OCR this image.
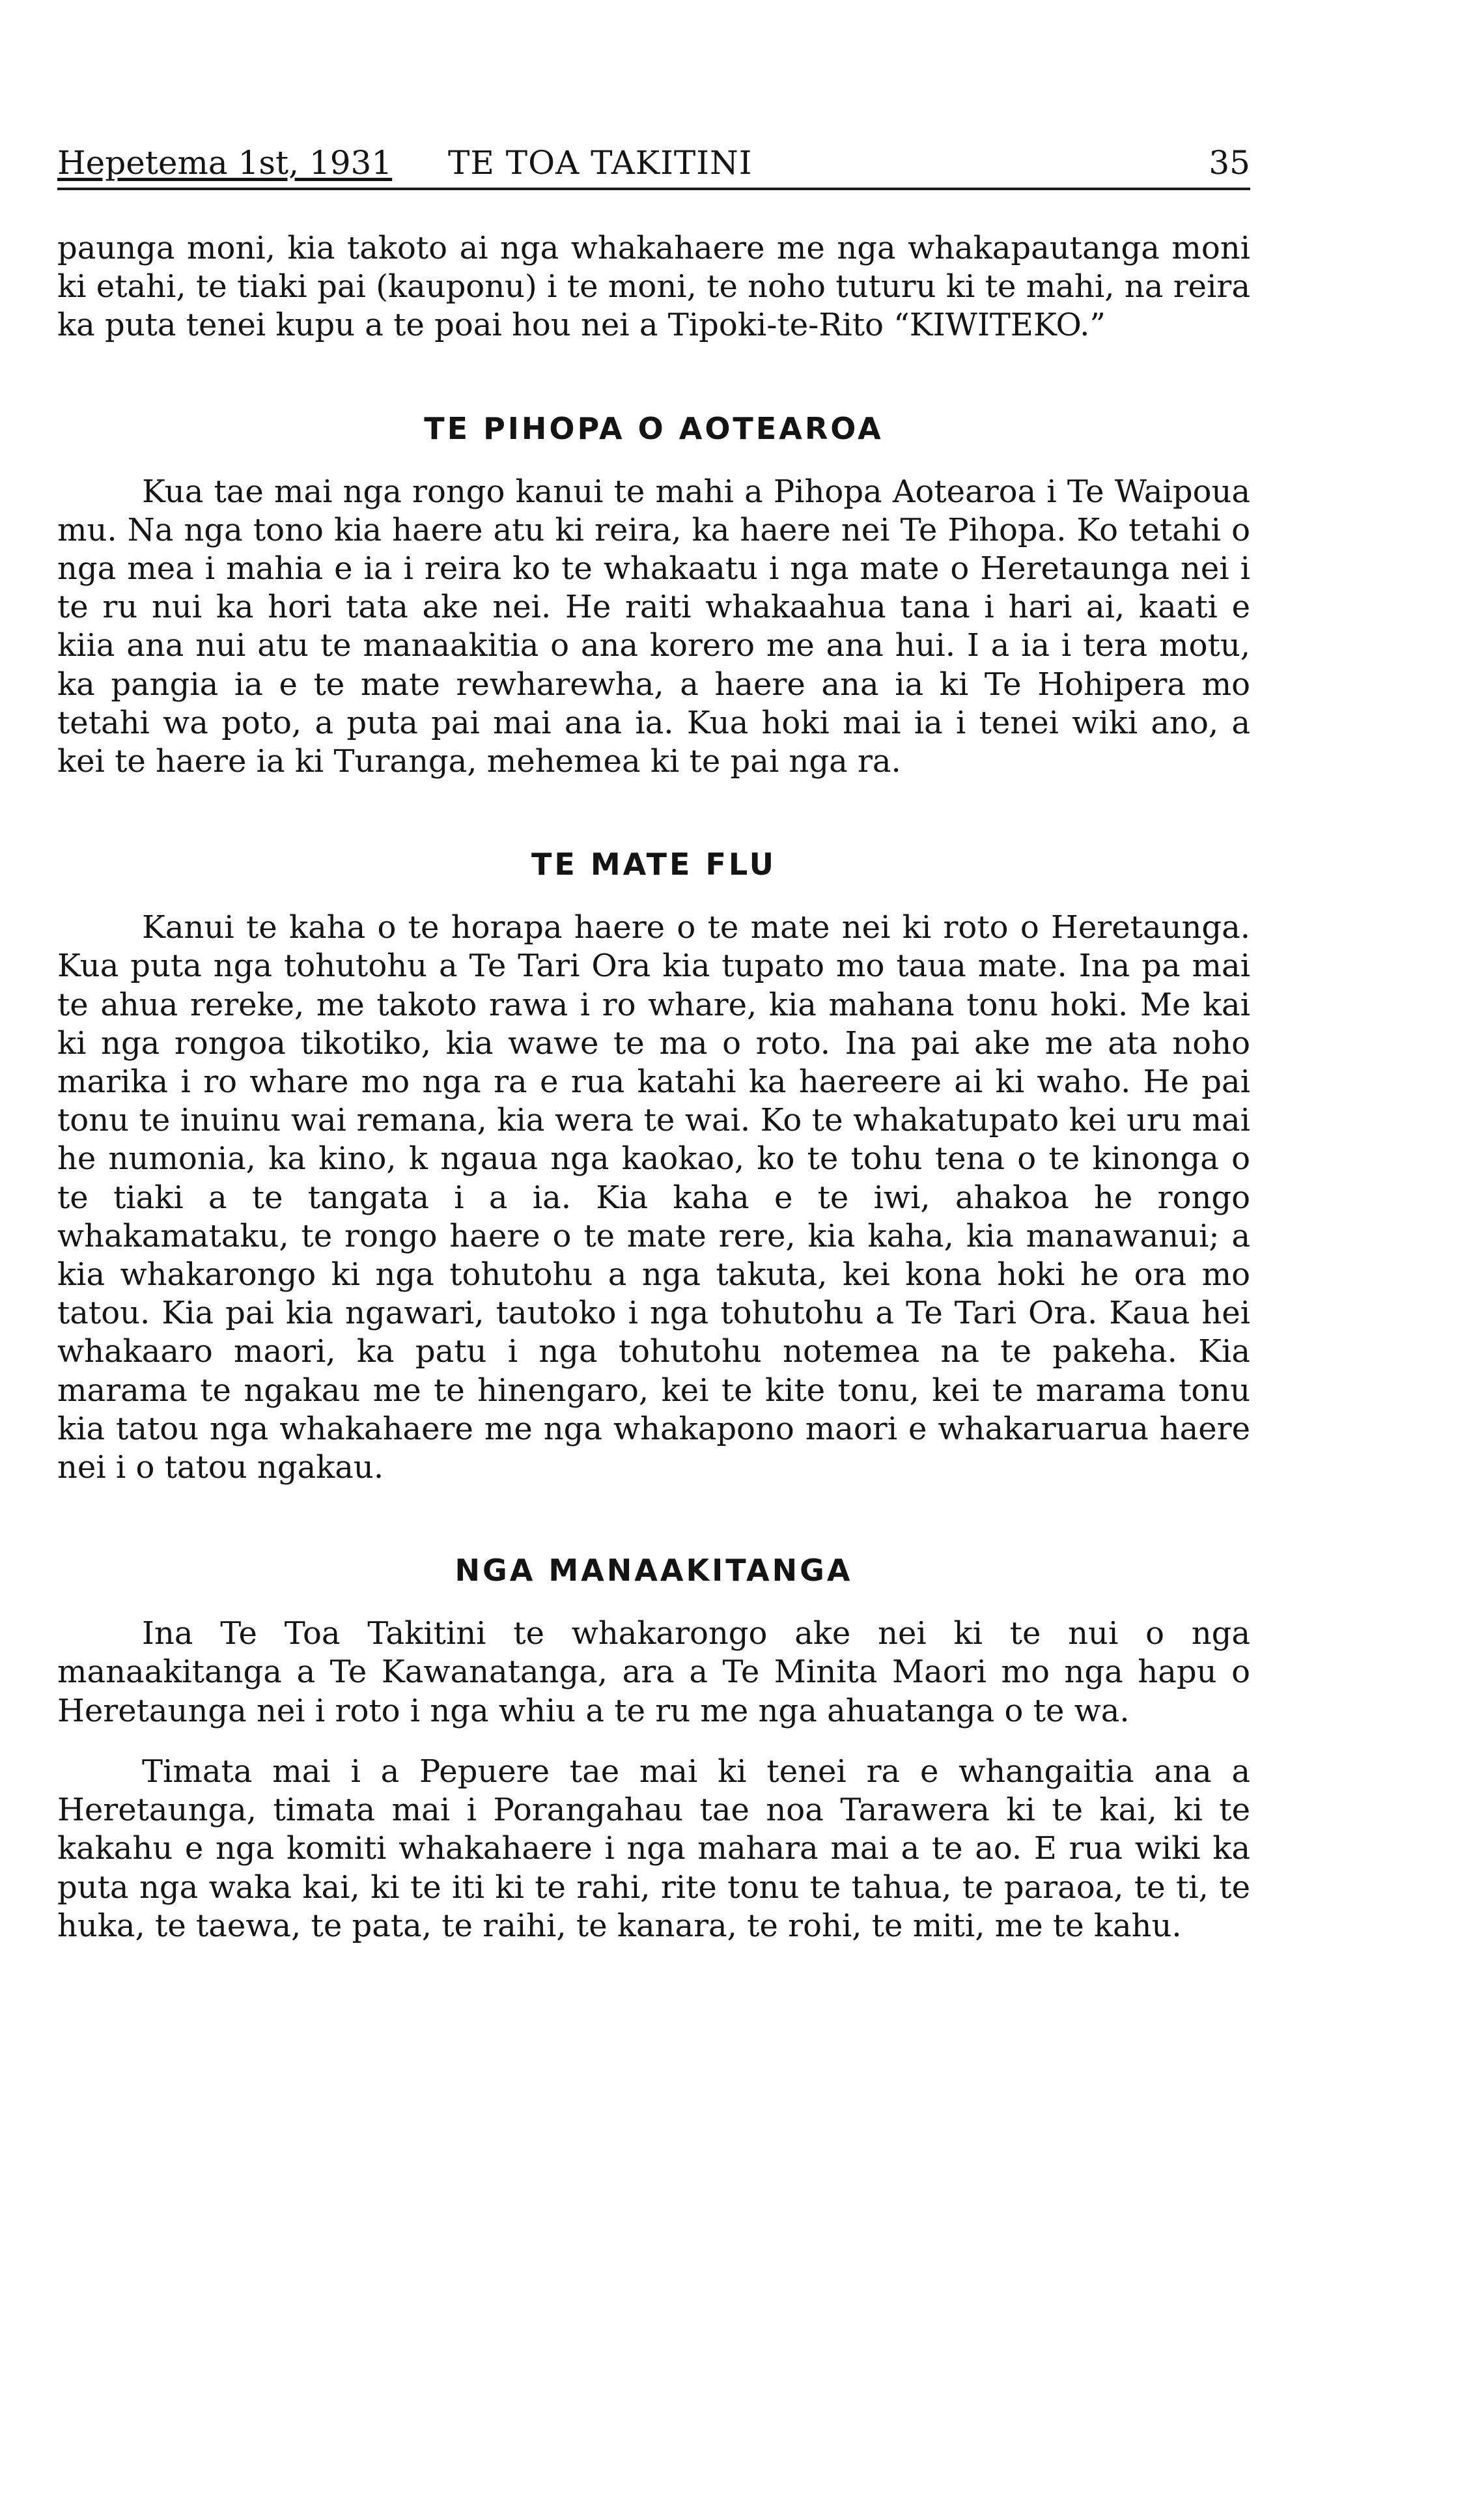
Hepetema 1st, 1931 TE TOA TAKITINI	35

paunga moni, kia takoto ai nga whakahaere me nga whakapautanga moni ki etahi, te tiaki pai (kauponu) i te moni, te noho tuturu ki te mahi, na reira ka puta tenei kupu a te poai hou nei a Tipoki-te-Rito “KIWITEKO.”

TE PIHOPA O AOTEAROA

Kua tae mai nga rongo kanui te mahi a Pihopa Aotearoa i Te Waipoua mu. Na nga tono kia haere atu ki reira, ka haere nei Te Pihopa. Ko tetahi o nga mea i mahia e ia i reira ko te whakaatu i nga mate o Heretaunga nei i te ru nui ka hori tata ake nei. He raiti whakaahua tana i hari ai, kaati e kiia ana nui atu te manaakitia o ana korero me ana hui. I a ia i tera motu, ka pangia ia e te mate rewharewha, a haere ana ia ki Te Hohipera mo tetahi wa poto, a puta pai mai ana ia. Kua hoki mai ia i tenei wiki ano, a kei te haere ia ki Turanga, mehemea ki te pai nga ra.

TE MATE FLU

Kanui te kaha o te horapa haere o te mate nei ki roto o Heretaunga. Kua puta nga tohutohu a Te Tari Ora kia tupato mo taua mate. Ina pa mai te ahua rereke, me takoto rawa i ro whare, kia mahana tonu hoki. Me kai ki nga rongoa tikotiko, kia wawe te ma o roto. Ina pai ake me ata noho marika i ro whare mo nga ra e rua katahi ka haereere ai ki waho. He pai tonu te inuinu wai remana, kia wera te wai. Ko te whakatupato kei uru mai he numonia, ka kino, k ngaua nga kaokao, ko te tohu tena o te kinonga o te tiaki a te tangata i a ia. Kia kaha e te iwi, ahakoa he rongo whakamataku, te rongo haere o te mate rere, kia kaha, kia manawanui; a kia whakarongo ki nga tohutohu a nga takuta, kei kona hoki he ora mo tatou. Kia pai kia ngawari, tautoko i nga tohutohu a Te Tari Ora. Kaua hei whakaaro maori, ka patu i nga tohutohu notemea na te pakeha. Kia marama te ngakau me te hinengaro, kei te kite tonu, kei te marama tonu kia tatou nga whakahaere me nga whakapono maori e whakaruarua haere nei i o tatou ngakau.

NGA MANAAKITANGA

Ina Te Toa Takitini te whakarongo ake nei ki te nui o nga manaakitanga a Te Kawanatanga, ara a Te Minita Maori mo nga hapu o Heretaunga nei i roto i nga whiu a te ru me nga ahuatanga o te wa.

Timata mai i a Pepuere tae mai ki tenei ra e whangaitia ana a Heretaunga, timata mai i Porangahau tae noa Tarawera ki te kai, ki te kakahu e nga komiti whakahaere i nga mahara mai a te ao. E rua wiki ka puta nga waka kai, ki te iti ki te rahi, rite tonu te tahua, te paraoa, te ti, te huka, te taewa, te pata, te raihi, te kanara, te rohi, te miti, me te kahu.
